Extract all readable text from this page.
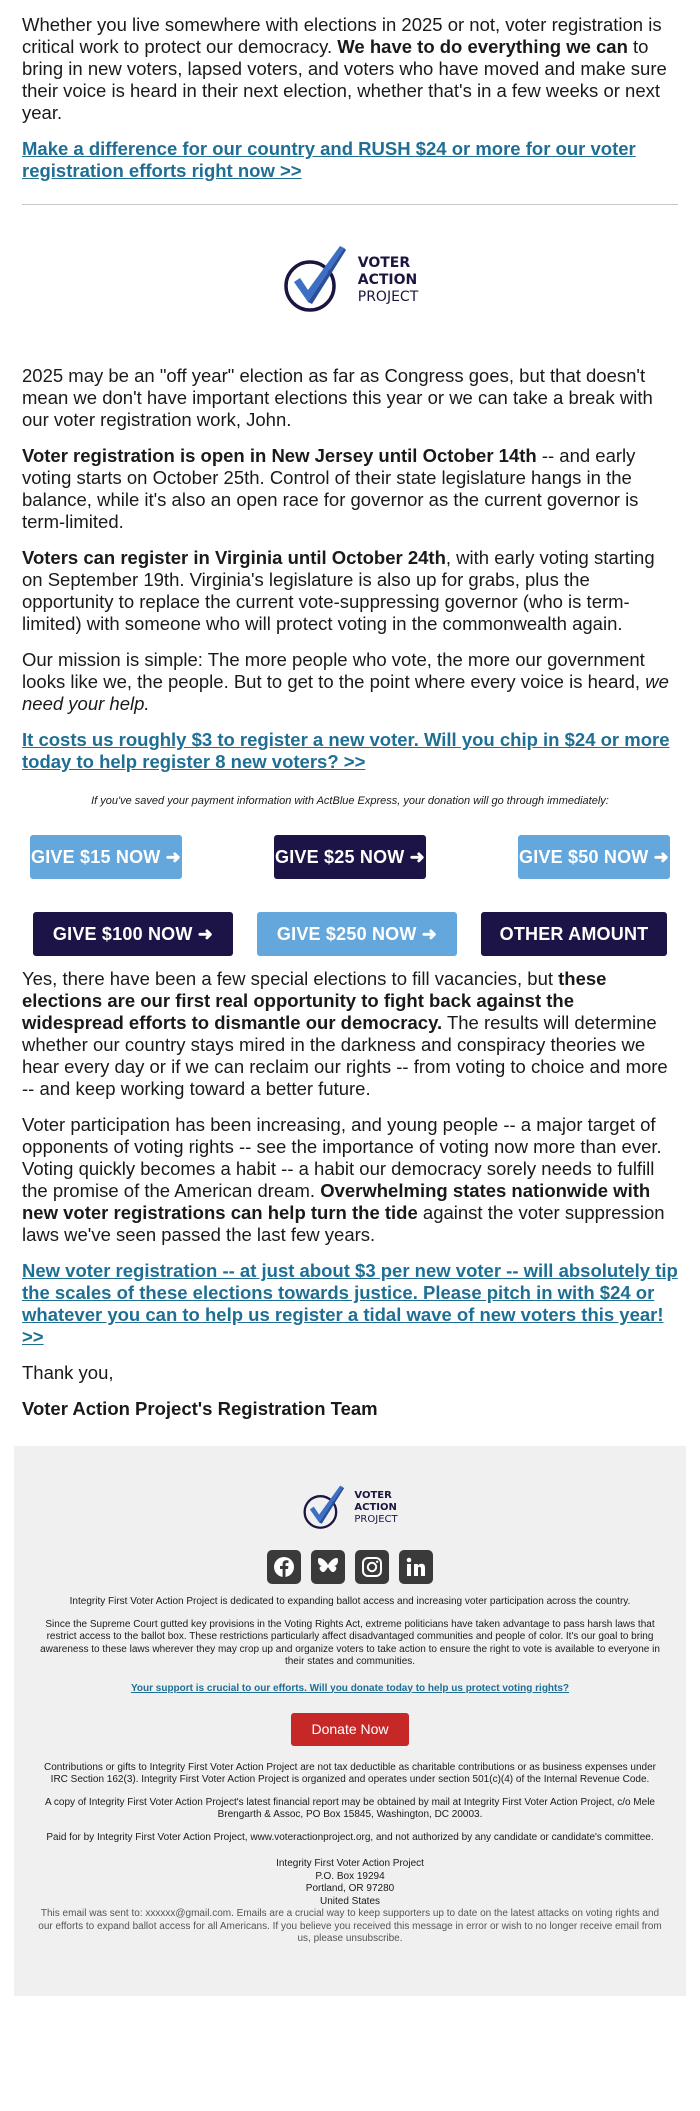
Whether you live somewhere with elections in 2025 or not, voter registration is critical work to protect our democracy. We have to do everything we can to bring in new voters, lapsed voters, and voters who have moved and make sure their voice is heard in their next election, whether that's in a few weeks or next year.

Make a difference for our country and RUSH $24 or more for our voter registration efforts right now >>
VOTER
ACTION
PROJECT

2025 may be an "off year" election as far as Congress goes, but that doesn't mean we don't have important elections this year or we can take a break with our voter registration work, John.

Voter registration is open in New Jersey until October 14th -- and early voting starts on October 25th. Control of their state legislature hangs in the balance, while it's also an open race for governor as the current governor is term-limited.

Voters can register in Virginia until October 24th, with early voting starting on September 19th. Virginia's legislature is also up for grabs, plus the opportunity to replace the current vote-suppressing governor (who is term-limited) with someone who will protect voting in the commonwealth again.

Our mission is simple: The more people who vote, the more our government looks like we, the people. But to get to the point where every voice is heard, we need your help.

It costs us roughly $3 to register a new voter. Will you chip in $24 or more today to help register 8 new voters? >>
If you've saved your payment information with ActBlue Express, your donation will go through immediately:
GIVE $15 NOW ➜	GIVE $25 NOW ➜	GIVE $50 NOW ➜
GIVE $100 NOW ➜	GIVE $250 NOW ➜	OTHER AMOUNT

Yes, there have been a few special elections to fill vacancies, but these elections are our first real opportunity to fight back against the widespread efforts to dismantle our democracy. The results will determine whether our country stays mired in the darkness and conspiracy theories we hear every day or if we can reclaim our rights -- from voting to choice and more -- and keep working toward a better future.

Voter participation has been increasing, and young people -- a major target of opponents of voting rights -- see the importance of voting now more than ever. Voting quickly becomes a habit -- a habit our democracy sorely needs to fulfill the promise of the American dream. Overwhelming states nationwide with new voter registrations can help turn the tide against the voter suppression laws we've seen passed the last few years.

New voter registration -- at just about $3 per new voter -- will absolutely tip the scales of these elections towards justice. Please pitch in with $24 or whatever you can to help us register a tidal wave of new voters this year! >>

Thank you,

Voter Action Project's Registration Team

VOTER
ACTION
PROJECT

Integrity First Voter Action Project is dedicated to expanding ballot access and increasing voter participation across the country.

Since the Supreme Court gutted key provisions in the Voting Rights Act, extreme politicians have taken advantage to pass harsh laws that restrict access to the ballot box. These restrictions particularly affect disadvantaged communities and people of color. It's our goal to bring awareness to these laws wherever they may crop up and organize voters to take action to ensure the right to vote is available to everyone in their states and communities.

Your support is crucial to our efforts. Will you donate today to help us protect voting rights?
Donate Now

Contributions or gifts to Integrity First Voter Action Project are not tax deductible as charitable contributions or as business expenses under IRC Section 162(3). Integrity First Voter Action Project is organized and operates under section 501(c)(4) of the Internal Revenue Code.

A copy of Integrity First Voter Action Project's latest financial report may be obtained by mail at Integrity First Voter Action Project, c/o Mele Brengarth & Assoc, PO Box 15845, Washington, DC 20003.

Paid for by Integrity First Voter Action Project, www.voteractionproject.org, and not authorized by any candidate or candidate's committee.

Integrity First Voter Action Project

P.O. Box 19294

Portland, OR 97280

United States

This email was sent to: xxxxxx@gmail.com. Emails are a crucial way to keep supporters up to date on the latest attacks on voting rights and our efforts to expand ballot access for all Americans. If you believe you received this message in error or wish to no longer receive email from us, please unsubscribe.
